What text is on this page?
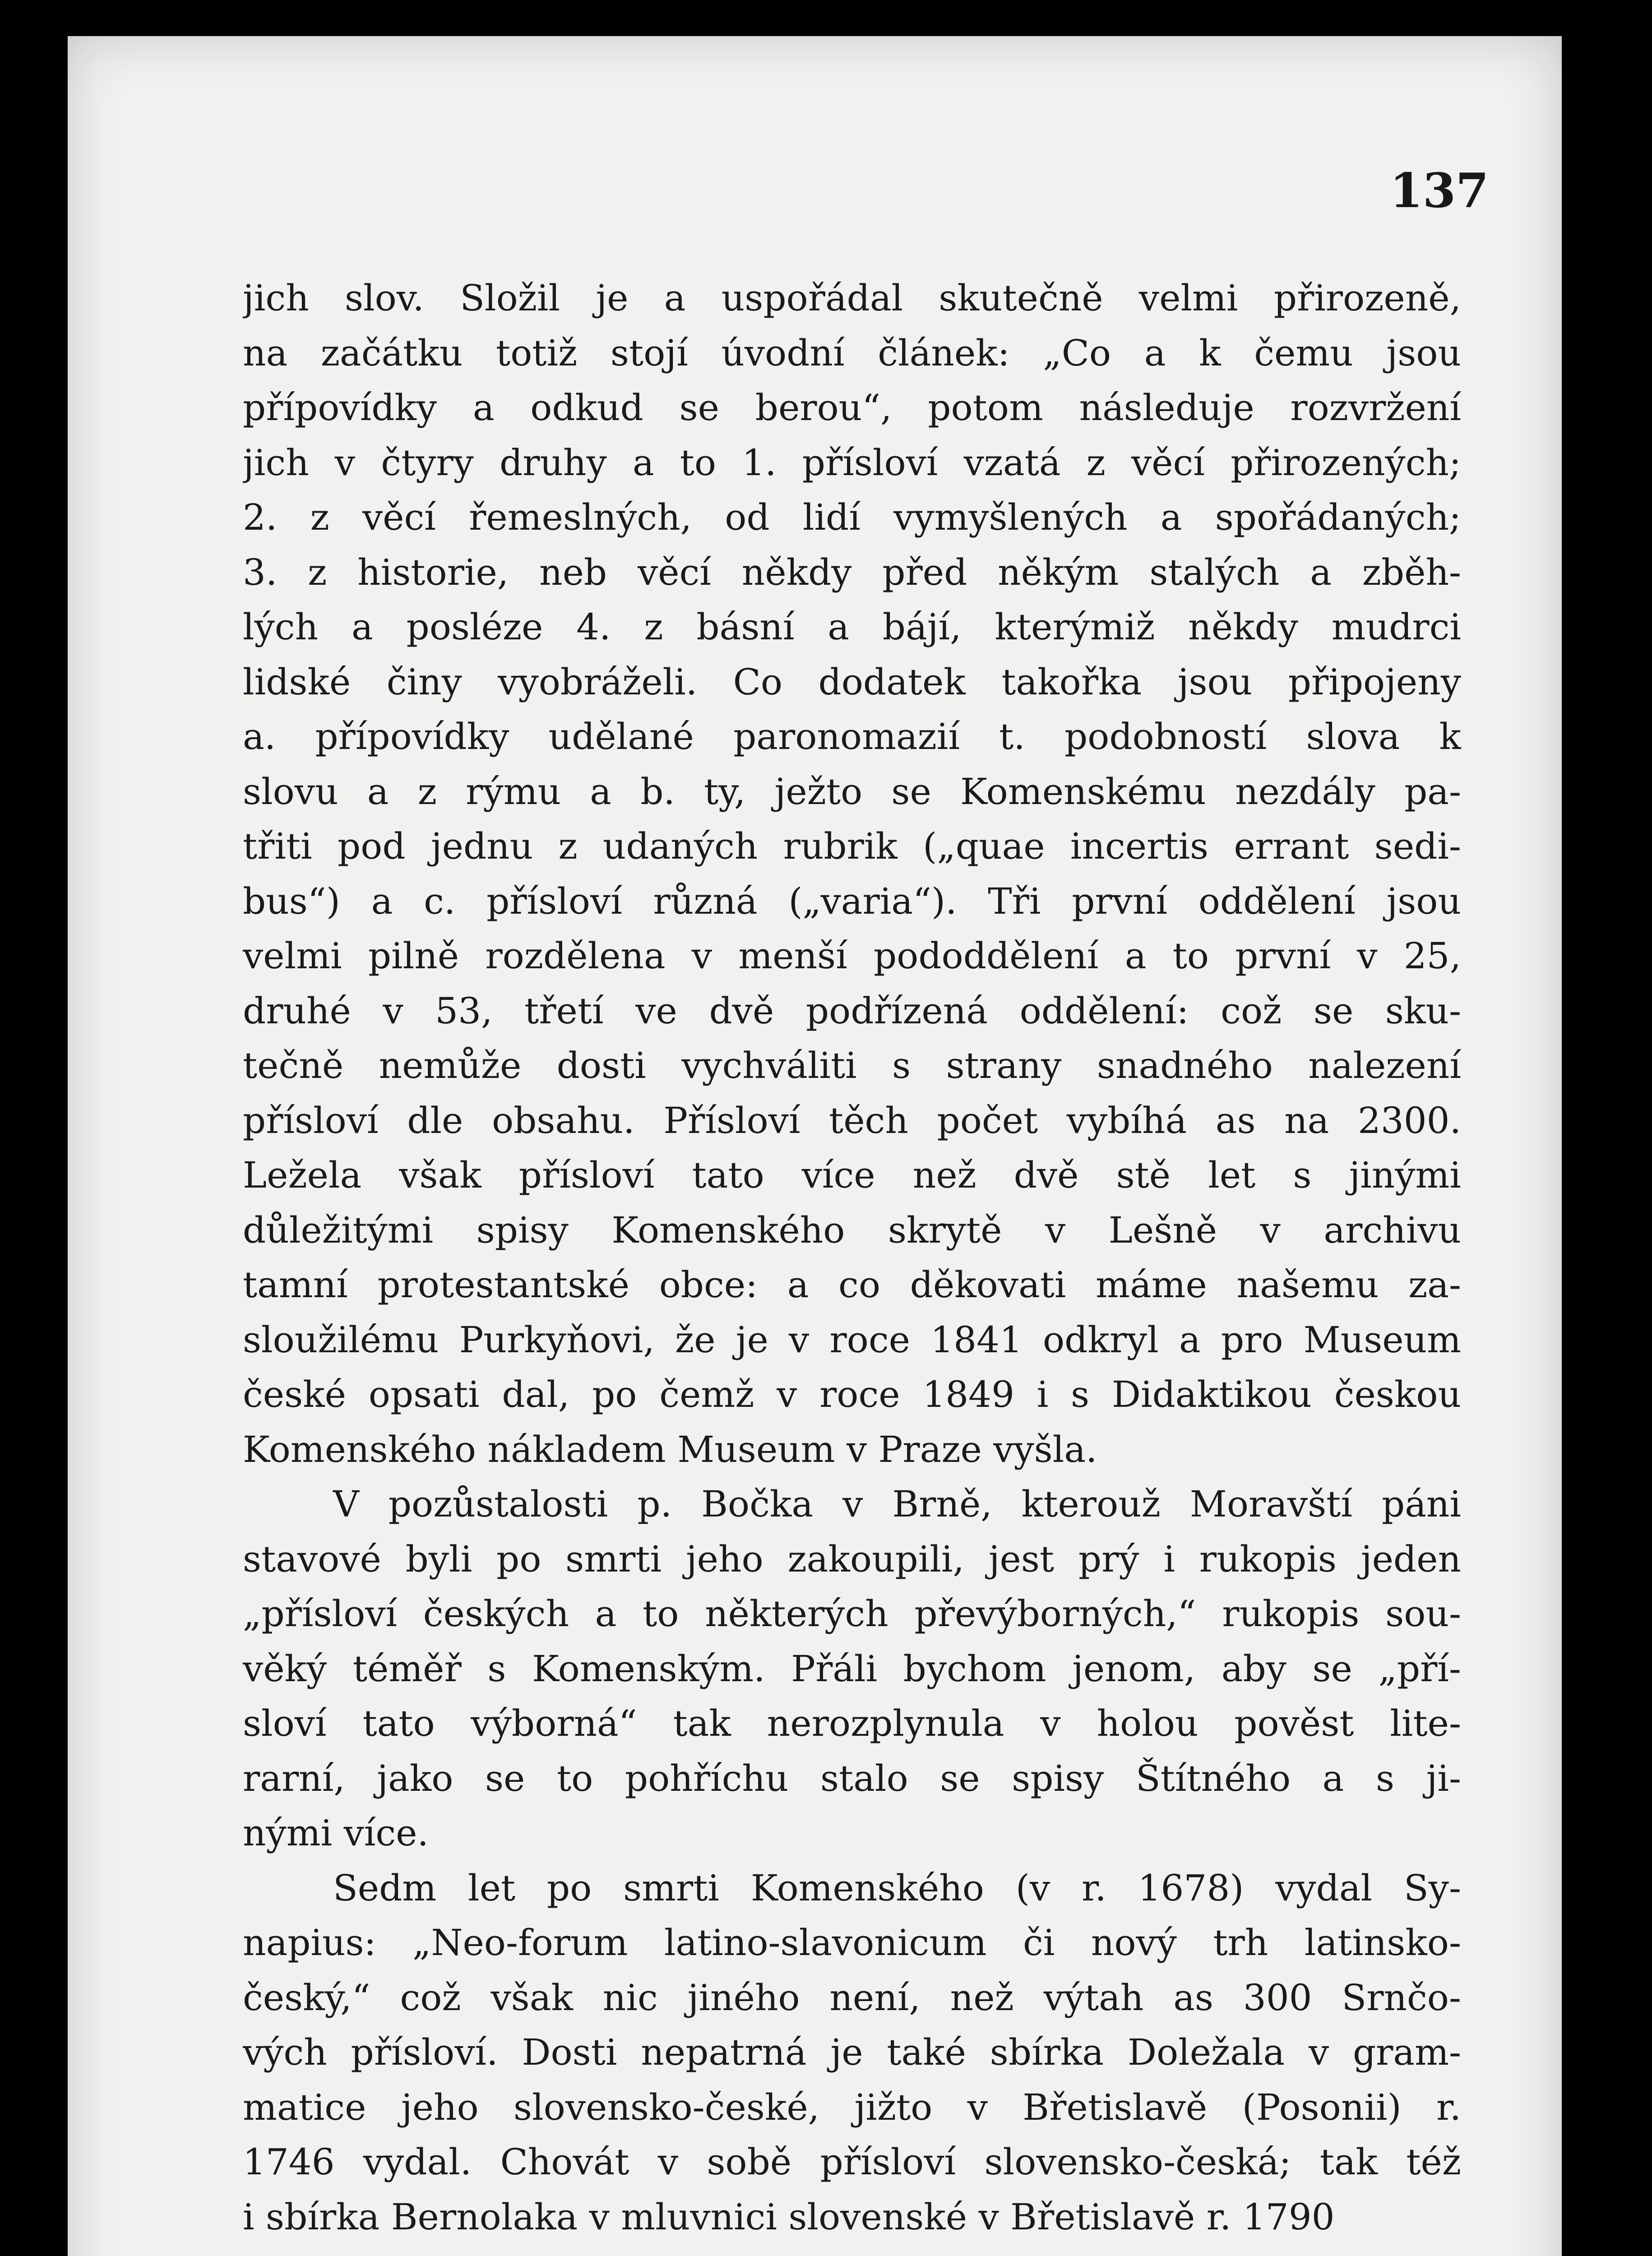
137
jich slov. Složil je a uspořádal skutečně velmi přirozeně,
na začátku totiž stojí úvodní článek: „Co a k čemu jsou
přípovídky a odkud se berou“, potom následuje rozvržení
jich v čtyry druhy a to 1. přísloví vzatá z věcí přirozených;
2. z věcí řemeslných, od lidí vymyšlených a spořádaných;
3. z historie, neb věcí někdy před někým stalých a zběh-
lých a posléze 4. z básní a bájí, kterýmiž někdy mudrci
lidské činy vyobráželi. Co dodatek takořka jsou připojeny
a. přípovídky udělané paronomazií t. podobností slova k
slovu a z rýmu a b. ty, ježto se Komenskému nezdály pa-
třiti pod jednu z udaných rubrik („quae incertis errant sedi-
bus“) a c. přísloví různá („varia“). Tři první oddělení jsou
velmi pilně rozdělena v menší pododdělení a to první v 25,
druhé v 53, třetí ve dvě podřízená oddělení: což se sku-
tečně nemůže dosti vychváliti s strany snadného nalezení
přísloví dle obsahu. Přísloví těch počet vybíhá as na 2300.
Ležela však přísloví tato více než dvě stě let s jinými
důležitými spisy Komenského skrytě v Lešně v archivu
tamní protestantské obce: a co děkovati máme našemu za-
sloužilému Purkyňovi, že je v roce 1841 odkryl a pro Museum
české opsati dal, po čemž v roce 1849 i s Didaktikou českou
Komenského nákladem Museum v Praze vyšla.
V pozůstalosti p. Bočka v Brně, kterouž Moravští páni
stavové byli po smrti jeho zakoupili, jest prý i rukopis jeden
„přísloví českých a to některých převýborných,“ rukopis sou-
věký téměř s Komenským. Přáli bychom jenom, aby se „pří-
sloví tato výborná“ tak nerozplynula v holou pověst lite-
rarní, jako se to pohříchu stalo se spisy Štítného a s ji-
nými více.
Sedm let po smrti Komenského (v r. 1678) vydal Sy-
napius: „Neo-forum latino-slavonicum či nový trh latinsko-
český,“ což však nic jiného není, než výtah as 300 Srnčo-
vých přísloví. Dosti nepatrná je také sbírka Doležala v gram-
matice jeho slovensko-české, jižto v Břetislavě (Posonii) r.
1746 vydal. Chovát v sobě přísloví slovensko-česká; tak též
i sbírka Bernolaka v mluvnici slovenské v Břetislavě r. 1790
